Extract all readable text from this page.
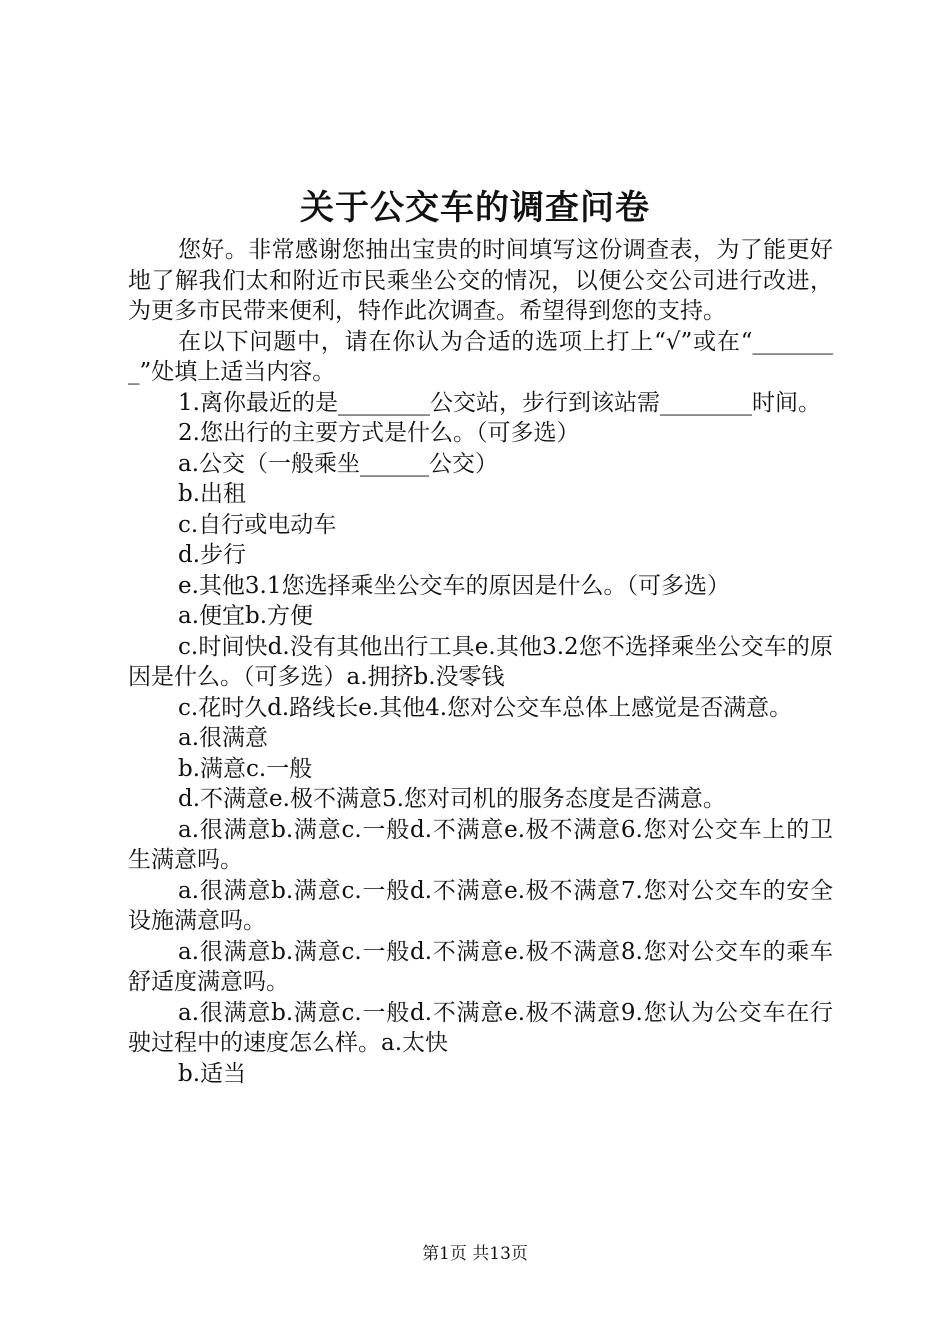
关于公交车的调查问卷

您好。非常感谢您抽出宝贵的时间填写这份调查表，为了能更好地了解我们太和附近市民乘坐公交的情况，以便公交公司进行改进，为更多市民带来便利，特作此次调查。希望得到您的支持。

在以下问题中，请在你认为合适的选项上打上“√”或在“________”处填上适当内容。

1.离你最近的是________公交站，步行到该站需________时间。

2.您出行的主要方式是什么。（可多选）

a.公交（一般乘坐______公交）

b.出租

c.自行或电动车

d.步行

e.其他3.1您选择乘坐公交车的原因是什么。（可多选）

a.便宜b.方便

c.时间快d.没有其他出行工具e.其他3.2您不选择乘坐公交车的原因是什么。（可多选）a.拥挤b.没零钱

c.花时久d.路线长e.其他4.您对公交车总体上感觉是否满意。

a.很满意

b.满意c.一般

d.不满意e.极不满意5.您对司机的服务态度是否满意。

a.很满意b.满意c.一般d.不满意e.极不满意6.您对公交车上的卫生满意吗。

a.很满意b.满意c.一般d.不满意e.极不满意7.您对公交车的安全设施满意吗。

a.很满意b.满意c.一般d.不满意e.极不满意8.您对公交车的乘车舒适度满意吗。

a.很满意b.满意c.一般d.不满意e.极不满意9.您认为公交车在行驶过程中的速度怎么样。a.太快

b.适当

第1页 共13页
